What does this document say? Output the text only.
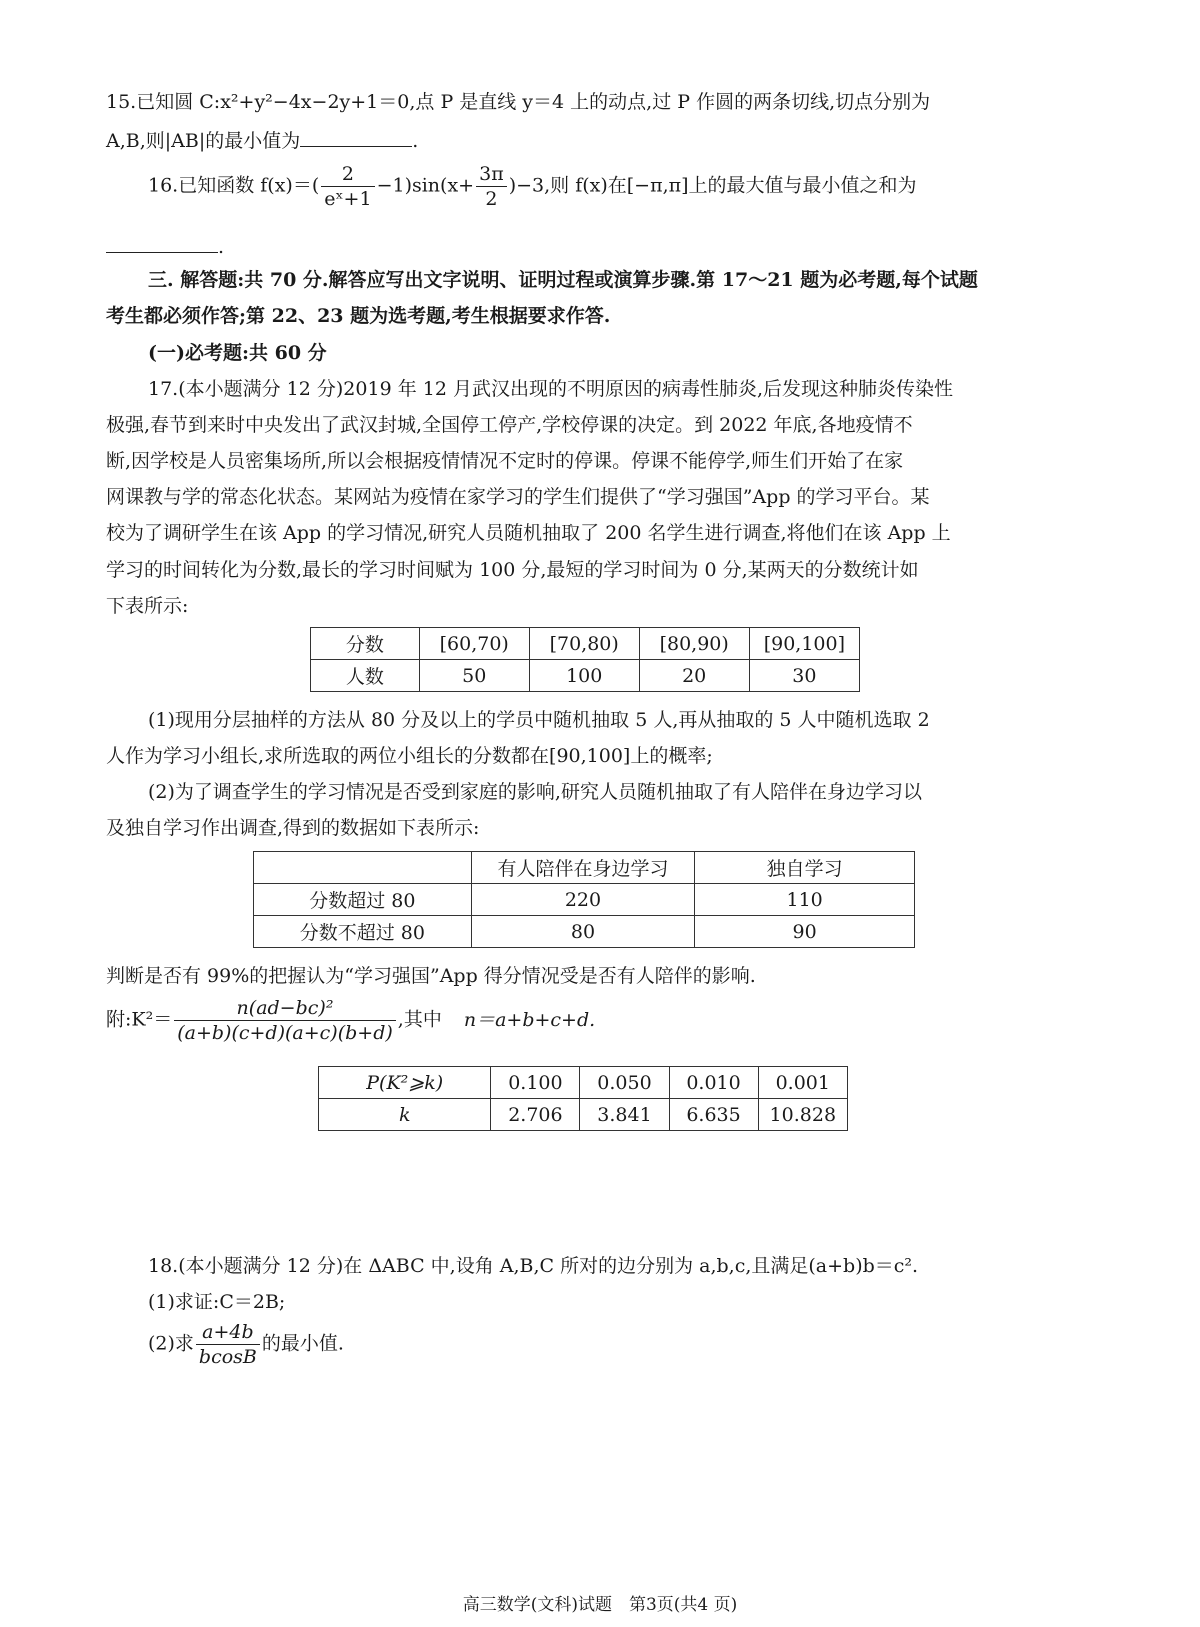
15.已知圆 C:x²+y²−4x−2y+1＝0,点 P 是直线 y＝4 上的动点,过 P 作圆的两条切线,切点分别为
A,B,则|AB|的最小值为	.
16.已知函数 $f(x)=( \frac{2}{\text{eˣ+1}} -1)\sin(x+ \frac{3\pi}{2} )-3$,则 f(x)在[−π,π]上的最大值与最小值之和为
.
三. 解答题:共 70 分.解答应写出文字说明、证明过程或演算步骤.第 17～21 题为必考题,每个试题
考生都必须作答;第 22、23 题为选考题,考生根据要求作答.
(一)必考题:共 60 分
17.(本小题满分 12 分)2019 年 12 月武汉出现的不明原因的病毒性肺炎,后发现这种肺炎传染性
极强,春节到来时中央发出了武汉封城,全国停工停产,学校停课的决定。到 2022 年底,各地疫情不
断,因学校是人员密集场所,所以会根据疫情情况不定时的停课。停课不能停学,师生们开始了在家
网课教与学的常态化状态。某网站为疫情在家学习的学生们提供了“学习强国”App 的学习平台。某
校为了调研学生在该 App 的学习情况,研究人员随机抽取了 200 名学生进行调查,将他们在该 App 上
学习的时间转化为分数,最长的学习时间赋为 100 分,最短的学习时间为 0 分,某两天的分数统计如
下表所示:
分数	[60,70)	[70,80)	[80,90)	[90,100]
人数	50	100	20	30
(1)现用分层抽样的方法从 80 分及以上的学员中随机抽取 5 人,再从抽取的 5 人中随机选取 2
人作为学习小组长,求所选取的两位小组长的分数都在[90,100]上的概率;
(2)为了调查学生的学习情况是否受到家庭的影响,研究人员随机抽取了有人陪伴在身边学习以
及独自学习作出调查,得到的数据如下表所示:
	有人陪伴在身边学习	独自学习
分数超过 80	220	110
分数不超过 80	80	90
判断是否有 99%的把握认为“学习强国”App 得分情况受是否有人陪伴的影响.
附:K²＝ $\frac{\text{n(ad−bc)²}}{(a+b)(c+d)(a+c)(b+d)}$ ,其中 n＝a+b+c+d.
P(K²⩾k)	0.100	0.050	0.010	0.001
k	2.706	3.841	6.635	10.828
18.(本小题满分 12 分)在 ΔABC 中,设角 A,B,C 所对的边分别为 a,b,c,且满足(a+b)b＝c².
(1)求证:C＝2B;
(2)求 $\frac{a+4b}{bcosB}$ 的最小值.
高三数学(文科)试题　第3页(共4 页)
